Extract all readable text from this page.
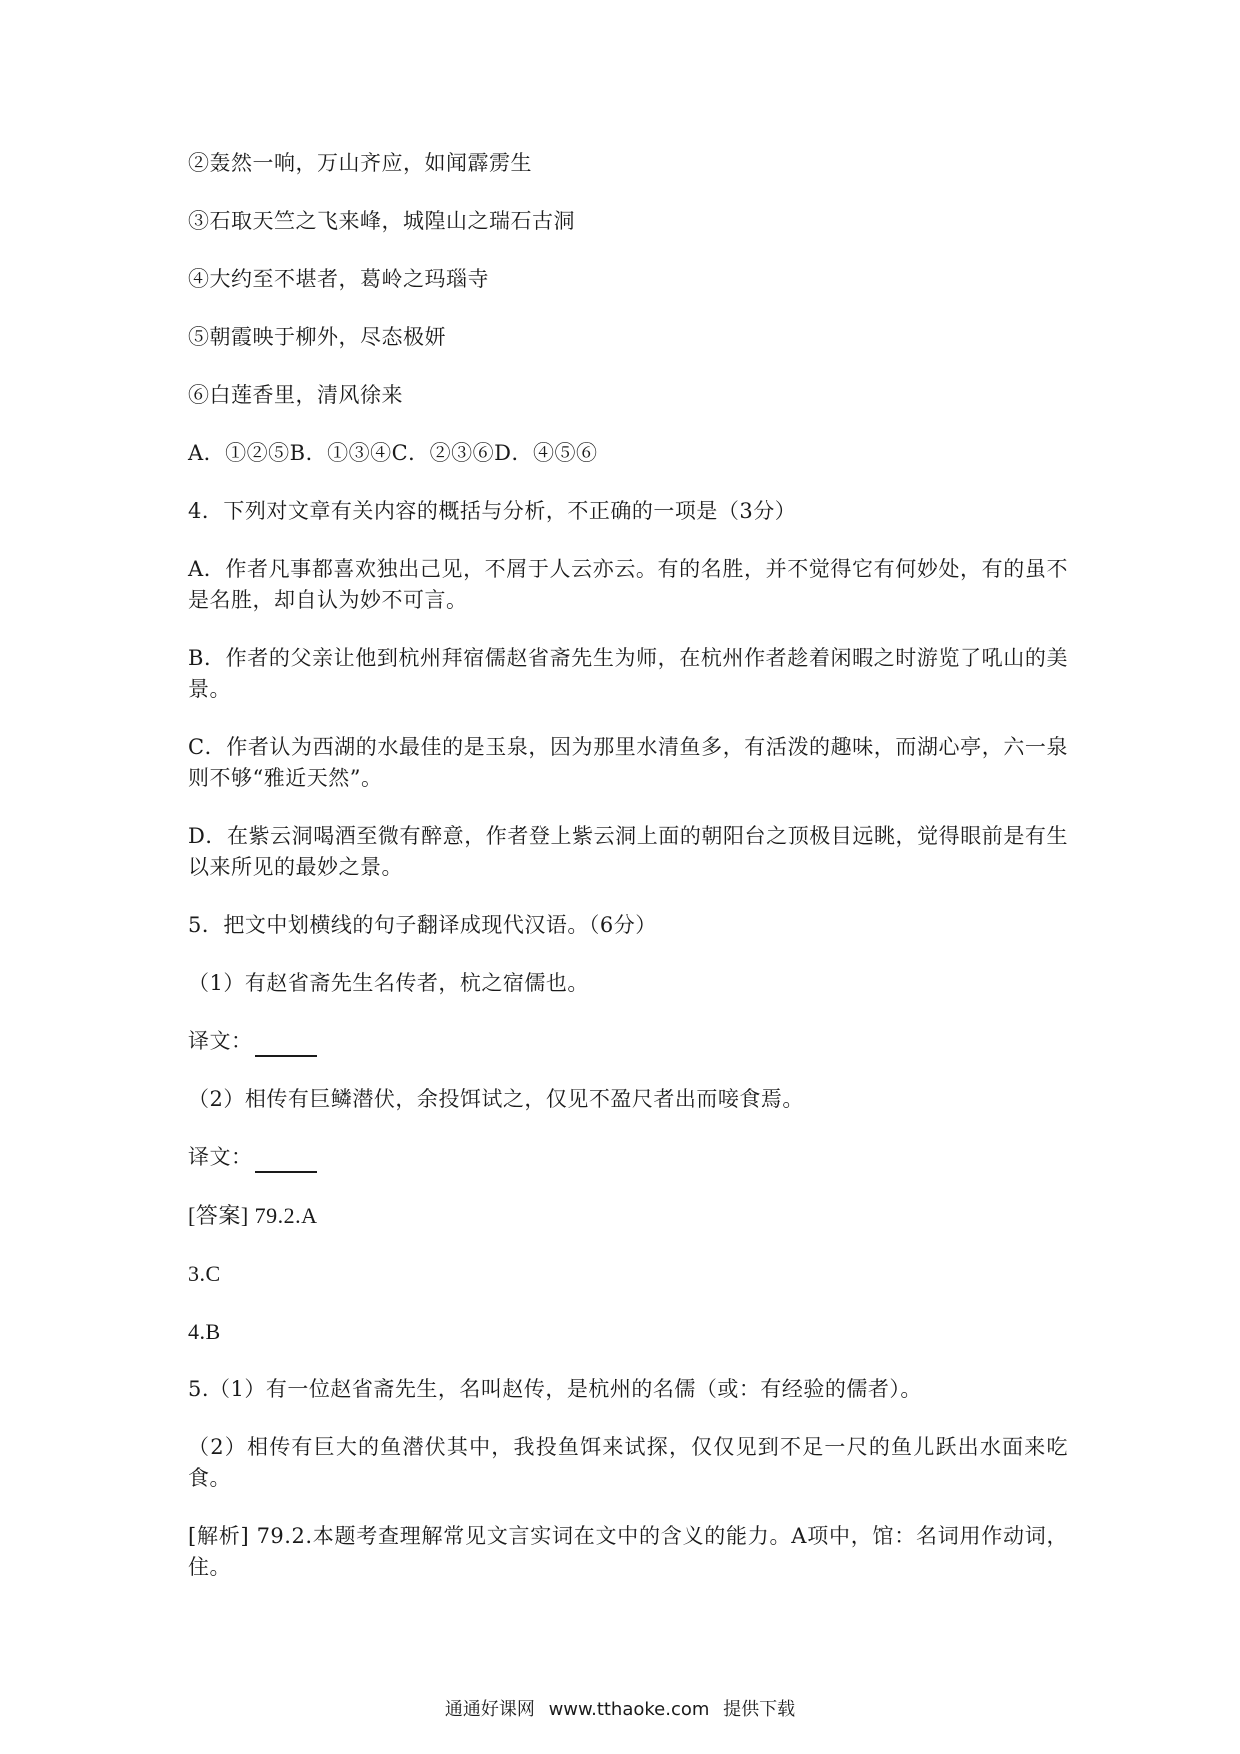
②轰然一响，万山齐应，如闻霹雳生

③石取天竺之飞来峰，城隍山之瑞石古洞

④大约至不堪者，葛岭之玛瑙寺

⑤朝霞映于柳外，尽态极妍

⑥白莲香里，清风徐来

A．①②⑤B．①③④C．②③⑥D．④⑤⑥

4．下列对文章有关内容的概括与分析，不正确的一项是（3分）

A．作者凡事都喜欢独出己见，不屑于人云亦云。有的名胜，并不觉得它有何妙处，有的虽不是名胜，却自认为妙不可言。

B．作者的父亲让他到杭州拜宿儒赵省斋先生为师，在杭州作者趁着闲暇之时游览了吼山的美景。

C．作者认为西湖的水最佳的是玉泉，因为那里水清鱼多，有活泼的趣味，而湖心亭，六一泉则不够“雅近天然”。

D．在紫云洞喝酒至微有醉意，作者登上紫云洞上面的朝阳台之顶极目远眺，觉得眼前是有生以来所见的最妙之景。

5．把文中划横线的句子翻译成现代汉语。（6分）

（1）有赵省斋先生名传者，杭之宿儒也。

译文：

（2）相传有巨鳞潜伏，余投饵试之，仅见不盈尺者出而唼食焉。

译文：

[答案] 79.2.A

3.C

4.B

5.（1）有一位赵省斋先生，名叫赵传，是杭州的名儒（或：有经验的儒者）。

（2）相传有巨大的鱼潜伏其中，我投鱼饵来试探，仅仅见到不足一尺的鱼儿跃出水面来吃食。

[解析] 79.2.本题考查理解常见文言实词在文中的含义的能力。A项中，馆：名词用作动词，住。

通通好课网 www.tthaoke.com 提供下载
